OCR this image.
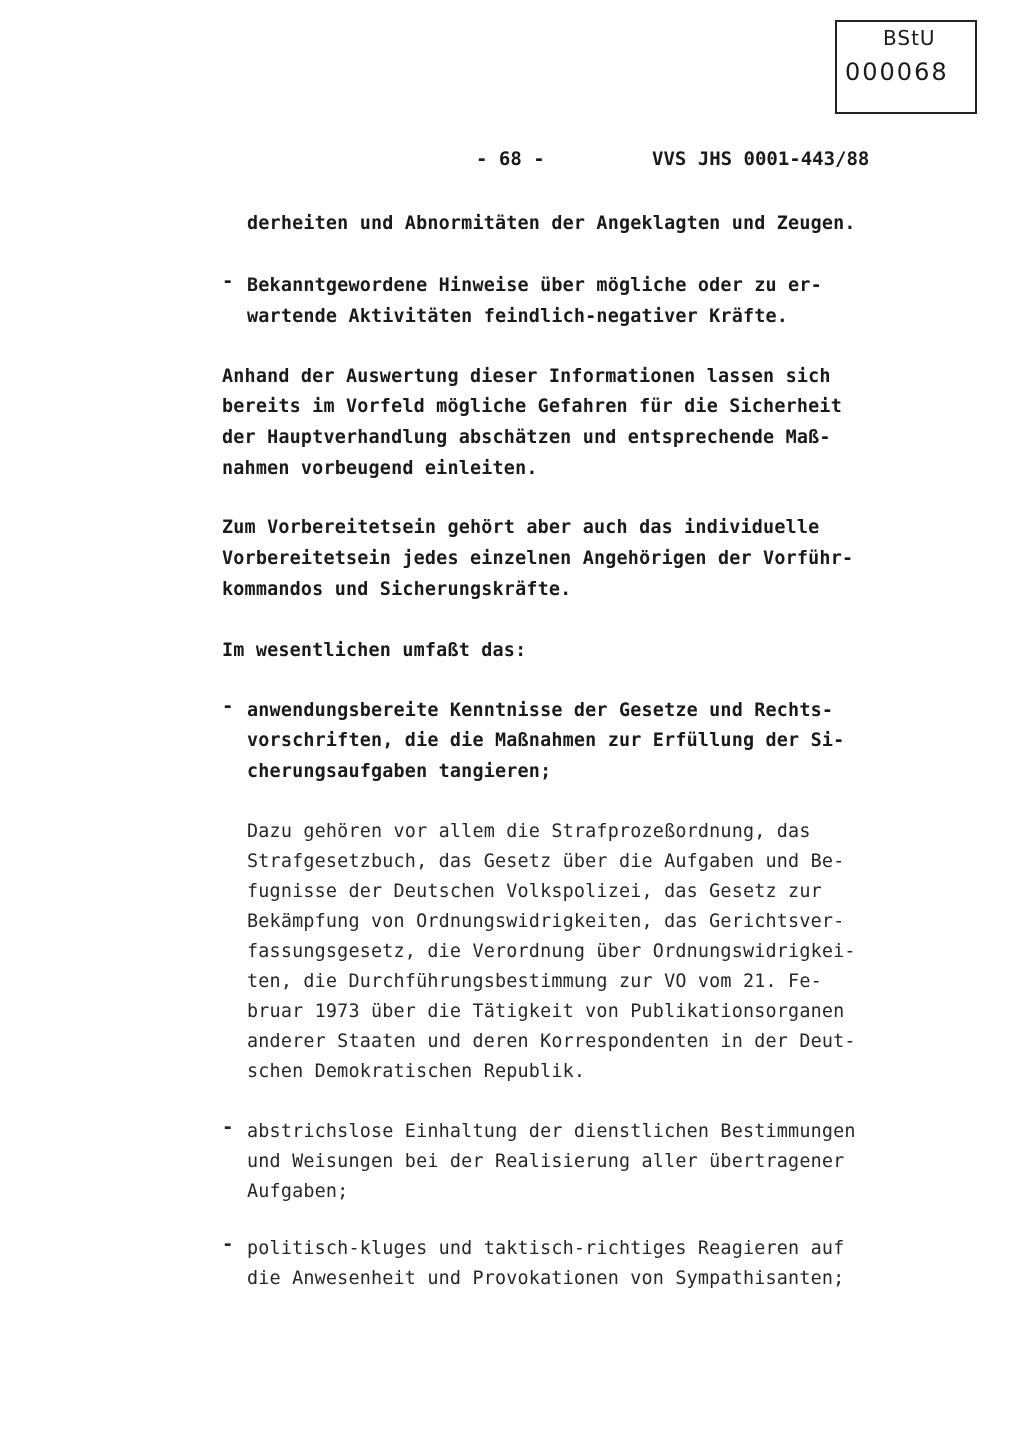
BStU
000068
- 68 -	VVS JHS 0001-443/88
derheiten und Abnormitäten der Angeklagten und Zeugen.
- Bekanntgewordene Hinweise über mögliche oder zu er-
wartende Aktivitäten feindlich-negativer Kräfte.
Anhand der Auswertung dieser Informationen lassen sich
bereits im Vorfeld mögliche Gefahren für die Sicherheit
der Hauptverhandlung abschätzen und entsprechende Maß-
nahmen vorbeugend einleiten.
Zum Vorbereitetsein gehört aber auch das individuelle
Vorbereitetsein jedes einzelnen Angehörigen der Vorführ-
kommandos und Sicherungskräfte.
Im wesentlichen umfaßt das:
- anwendungsbereite Kenntnisse der Gesetze und Rechts-
vorschriften, die die Maßnahmen zur Erfüllung der Si-
cherungsaufgaben tangieren;
Dazu gehören vor allem die Strafprozeßordnung, das
Strafgesetzbuch, das Gesetz über die Aufgaben und Be-
fugnisse der Deutschen Volkspolizei, das Gesetz zur
Bekämpfung von Ordnungswidrigkeiten, das Gerichtsver-
fassungsgesetz, die Verordnung über Ordnungswidrigkei-
ten, die Durchführungsbestimmung zur VO vom 21. Fe-
bruar 1973 über die Tätigkeit von Publikationsorganen
anderer Staaten und deren Korrespondenten in der Deut-
schen Demokratischen Republik.
- abstrichslose Einhaltung der dienstlichen Bestimmungen
und Weisungen bei der Realisierung aller übertragener
Aufgaben;
- politisch-kluges und taktisch-richtiges Reagieren auf
die Anwesenheit und Provokationen von Sympathisanten;
